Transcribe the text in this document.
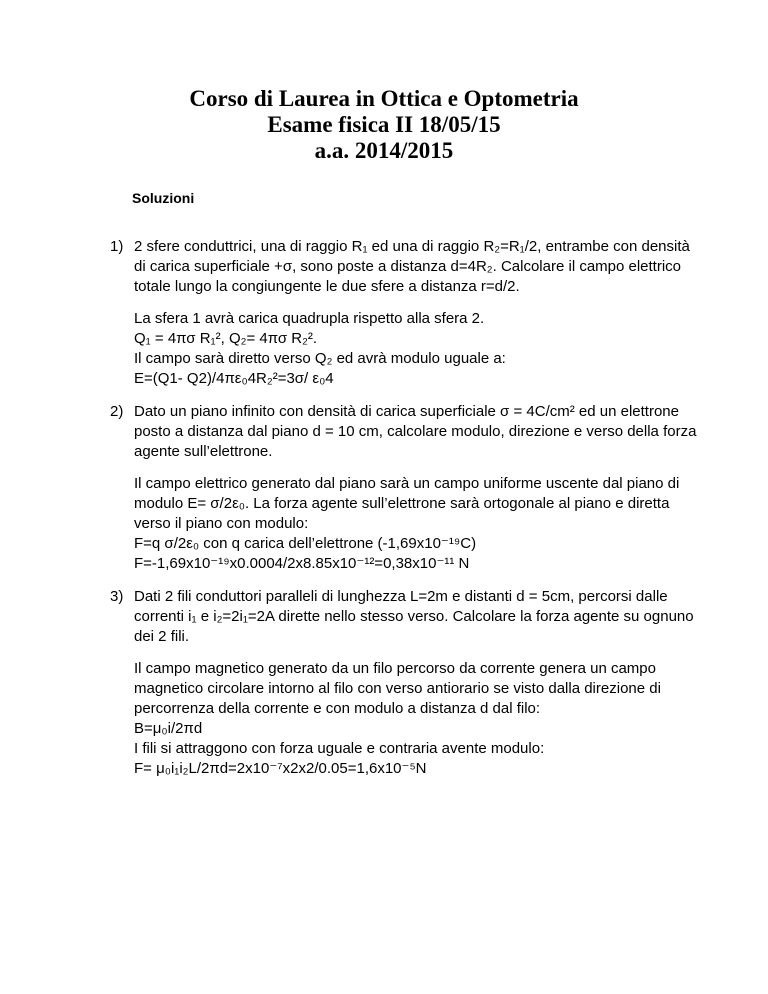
Corso di Laurea in Ottica e Optometria
Esame fisica II 18/05/15
a.a. 2014/2015
Soluzioni
1) 2 sfere conduttrici, una di raggio R₁ ed una di raggio R₂=R₁/2, entrambe con densità
di carica superficiale +σ, sono poste a distanza d=4R₂. Calcolare il campo elettrico
totale lungo la congiungente le due sfere a distanza r=d/2.
La sfera 1 avrà carica quadrupla rispetto alla sfera 2.
Q₁ = 4πσ R₁², Q₂= 4πσ R₂².
Il campo sarà diretto verso Q₂ ed avrà modulo uguale a:
E=(Q1- Q2)/4πε₀4R₂²=3σ/ ε₀4
2) Dato un piano infinito con densità di carica superficiale σ = 4C/cm² ed un elettrone
posto a distanza dal piano d = 10 cm, calcolare modulo, direzione e verso della forza
agente sull’elettrone.
Il campo elettrico generato dal piano sarà un campo uniforme uscente dal piano di
modulo E= σ/2ε₀. La forza agente sull’elettrone sarà ortogonale al piano e diretta
verso il piano con modulo:
F=q σ/2ε₀ con q carica dell’elettrone (-1,69x10⁻¹⁹C)
F=-1,69x10⁻¹⁹x0.0004/2x8.85x10⁻¹²=0,38x10⁻¹¹ N
3) Dati 2 fili conduttori paralleli di lunghezza L=2m e distanti d = 5cm, percorsi dalle
correnti i₁ e i₂=2i₁=2A dirette nello stesso verso. Calcolare la forza agente su ognuno
dei 2 fili.
Il campo magnetico generato da un filo percorso da corrente genera un campo
magnetico circolare intorno al filo con verso antiorario se visto dalla direzione di
percorrenza della corrente e con modulo a distanza d dal filo:
B=μ₀i/2πd
I fili si attraggono con forza uguale e contraria avente modulo:
F= μ₀i₁i₂L/2πd=2x10⁻⁷x2x2/0.05=1,6x10⁻⁵N
